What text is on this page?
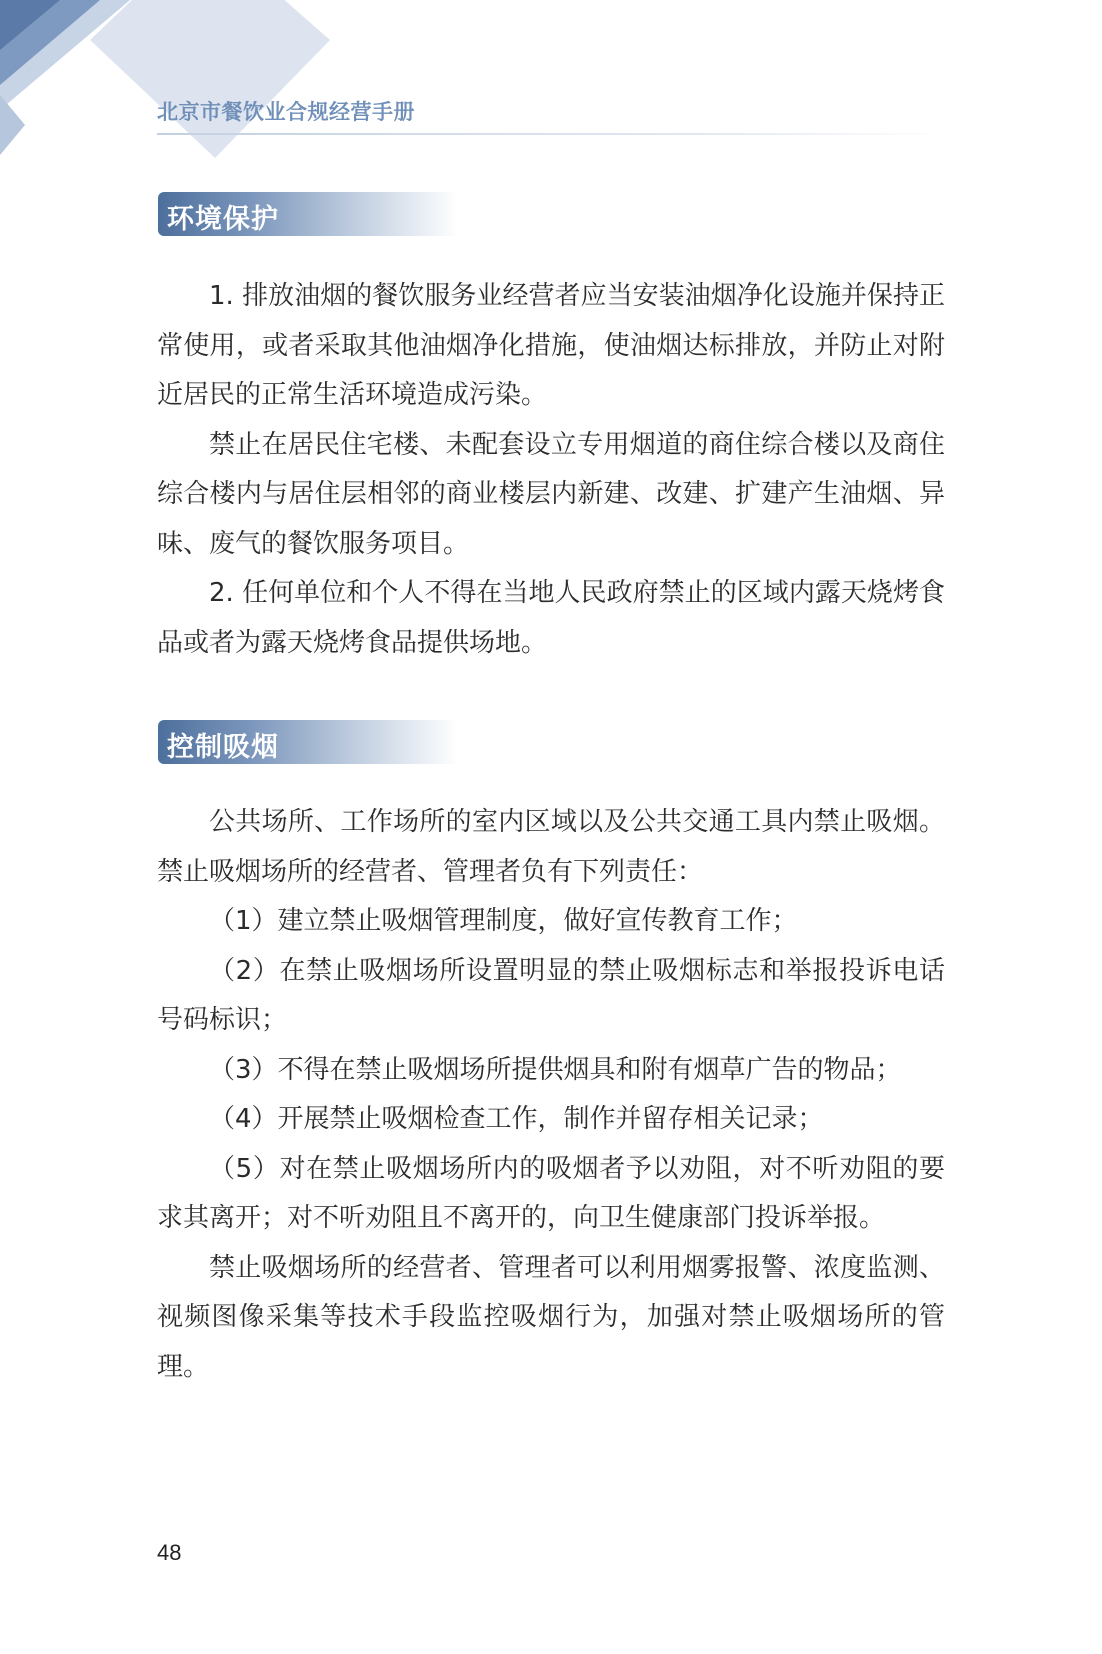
北京市餐饮业合规经营手册
环境保护

1. 排放油烟的餐饮服务业经营者应当安装油烟净化设施并保持正常使用，或者采取其他油烟净化措施，使油烟达标排放，并防止对附近居民的正常生活环境造成污染。

禁止在居民住宅楼、未配套设立专用烟道的商住综合楼以及商住综合楼内与居住层相邻的商业楼层内新建、改建、扩建产生油烟、异味、废气的餐饮服务项目。

2. 任何单位和个人不得在当地人民政府禁止的区域内露天烧烤食品或者为露天烧烤食品提供场地。

控制吸烟

公共场所、工作场所的室内区域以及公共交通工具内禁止吸烟。禁止吸烟场所的经营者、管理者负有下列责任：

（1）建立禁止吸烟管理制度，做好宣传教育工作；

（2）在禁止吸烟场所设置明显的禁止吸烟标志和举报投诉电话号码标识；

（3）不得在禁止吸烟场所提供烟具和附有烟草广告的物品；

（4）开展禁止吸烟检查工作，制作并留存相关记录；

（5）对在禁止吸烟场所内的吸烟者予以劝阻，对不听劝阻的要求其离开；对不听劝阻且不离开的，向卫生健康部门投诉举报。

禁止吸烟场所的经营者、管理者可以利用烟雾报警、浓度监测、视频图像采集等技术手段监控吸烟行为，加强对禁止吸烟场所的管理。

48
